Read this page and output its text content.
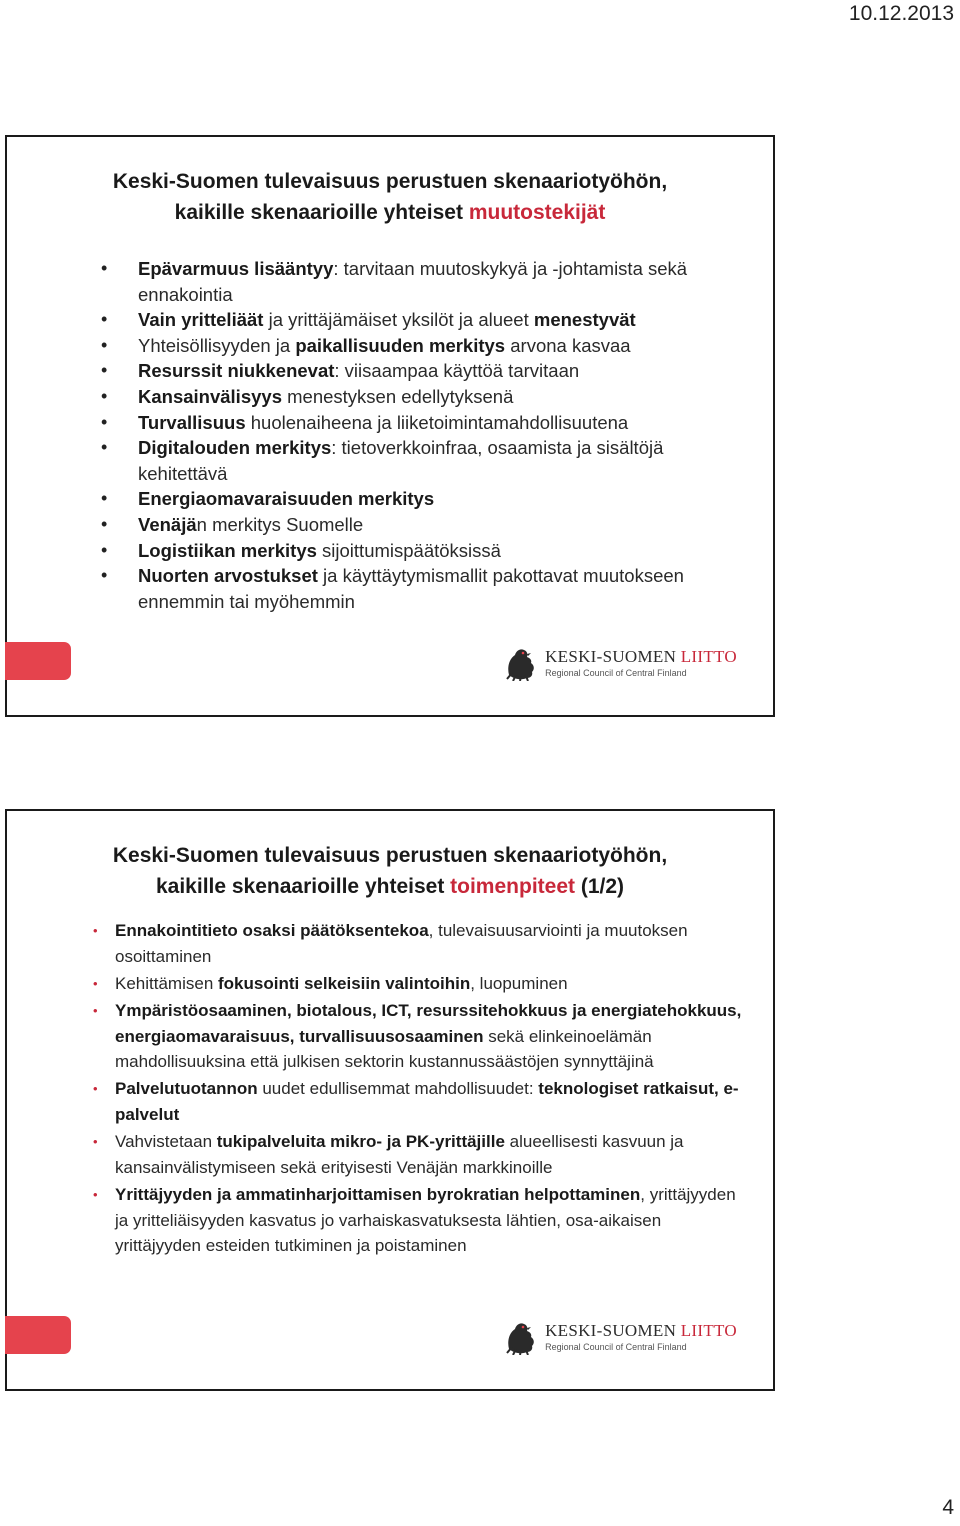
10.12.2013

Keski-Suomen tulevaisuus perustuen skenaariotyöhön,
kaikille skenaarioille yhteiset muutostekijät

• Epävarmuus lisääntyy: tarvitaan muutoskykyä ja -johtamista sekä ennakointia
• Vain yritteliäät ja yrittäjämäiset yksilöt ja alueet menestyvät
• Yhteisöllisyyden ja paikallisuuden merkitys arvona kasvaa
• Resurssit niukkenevat: viisaampaa käyttöä tarvitaan
• Kansainvälisyys menestyksen edellytyksenä
• Turvallisuus huolenaiheena ja liiketoimintamahdollisuutena
• Digitalouden merkitys: tietoverkkoinfraa, osaamista ja sisältöjä kehitettävä
• Energiaomavaraisuuden merkitys
• Venäjän merkitys Suomelle
• Logistiikan merkitys sijoittumispäätöksissä
• Nuorten arvostukset ja käyttäytymismallit pakottavat muutokseen ennemmin tai myöhemmin
KESKI-SUOMEN LIITTO
Regional Council of Central Finland

Keski-Suomen tulevaisuus perustuen skenaariotyöhön,
kaikille skenaarioille yhteiset toimenpiteet (1/2)

• Ennakointitieto osaksi päätöksentekoa, tulevaisuusarviointi ja muutoksen osoittaminen
• Kehittämisen fokusointi selkeisiin valintoihin, luopuminen
• Ympäristöosaaminen, biotalous, ICT, resurssitehokkuus ja energiatehokkuus, energiaomavaraisuus, turvallisuusosaaminen sekä elinkeinoelämän mahdollisuuksina että julkisen sektorin kustannussäästöjen synnyttäjinä
• Palvelutuotannon uudet edullisemmat mahdollisuudet: teknologiset ratkaisut, e-palvelut
• Vahvistetaan tukipalveluita mikro- ja PK-yrittäjille alueellisesti kasvuun ja kansainvälistymiseen sekä erityisesti Venäjän markkinoille
• Yrittäjyyden ja ammatinharjoittamisen byrokratian helpottaminen, yrittäjyyden ja yritteliäisyyden kasvatus jo varhaiskasvatuksesta lähtien, osa-aikaisen yrittäjyyden esteiden tutkiminen ja poistaminen
KESKI-SUOMEN LIITTO
Regional Council of Central Finland
4
